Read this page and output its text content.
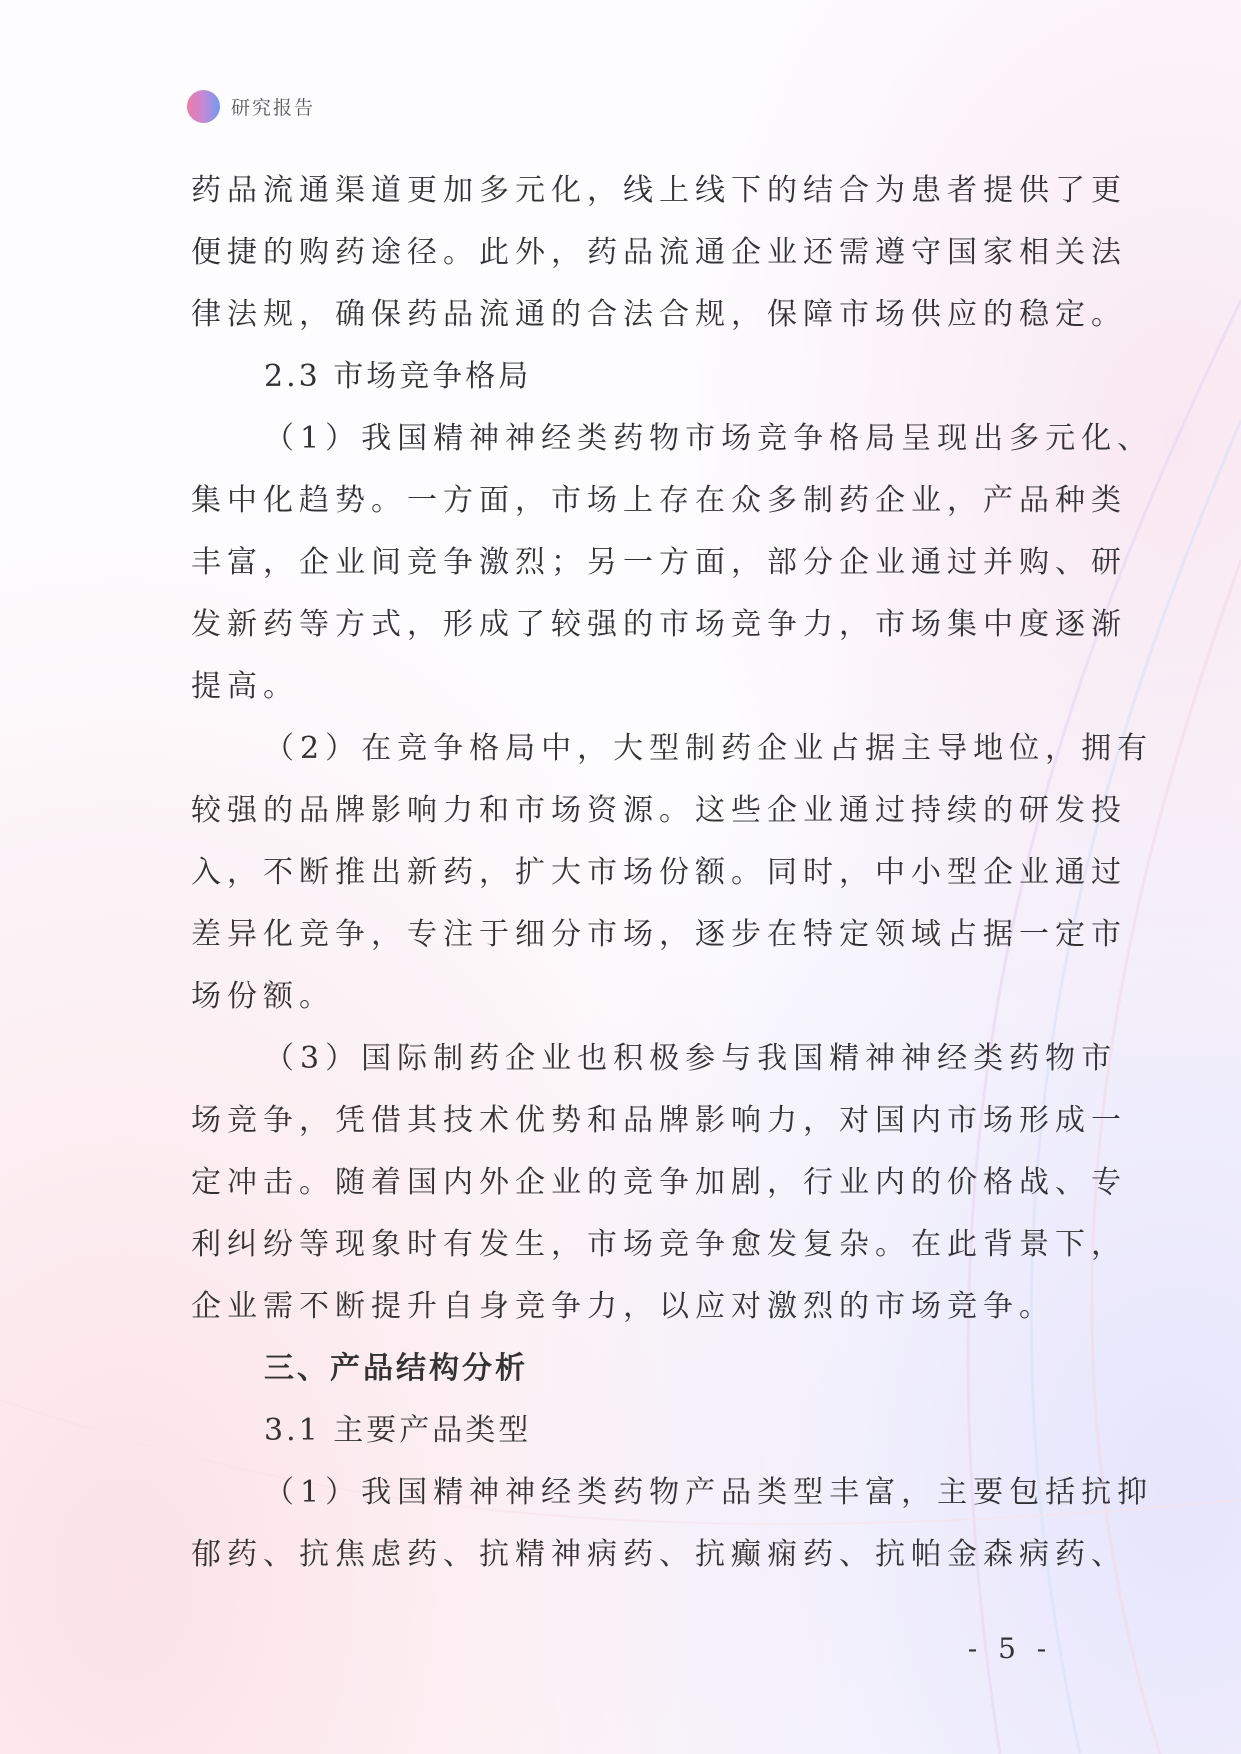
研究报告
药品流通渠道更加多元化，线上线下的结合为患者提供了更
便捷的购药途径。此外，药品流通企业还需遵守国家相关法
律法规，确保药品流通的合法合规，保障市场供应的稳定。
2.3 市场竞争格局
（1）我国精神神经类药物市场竞争格局呈现出多元化、
集中化趋势。一方面，市场上存在众多制药企业，产品种类
丰富，企业间竞争激烈；另一方面，部分企业通过并购、研
发新药等方式，形成了较强的市场竞争力，市场集中度逐渐
提高。
（2）在竞争格局中，大型制药企业占据主导地位，拥有
较强的品牌影响力和市场资源。这些企业通过持续的研发投
入，不断推出新药，扩大市场份额。同时，中小型企业通过
差异化竞争，专注于细分市场，逐步在特定领域占据一定市
场份额。
（3）国际制药企业也积极参与我国精神神经类药物市
场竞争，凭借其技术优势和品牌影响力，对国内市场形成一
定冲击。随着国内外企业的竞争加剧，行业内的价格战、专
利纠纷等现象时有发生，市场竞争愈发复杂。在此背景下，
企业需不断提升自身竞争力，以应对激烈的市场竞争。
三、产品结构分析
3.1 主要产品类型
（1）我国精神神经类药物产品类型丰富，主要包括抗抑
郁药、抗焦虑药、抗精神病药、抗癫痫药、抗帕金森病药、
- 5 -
